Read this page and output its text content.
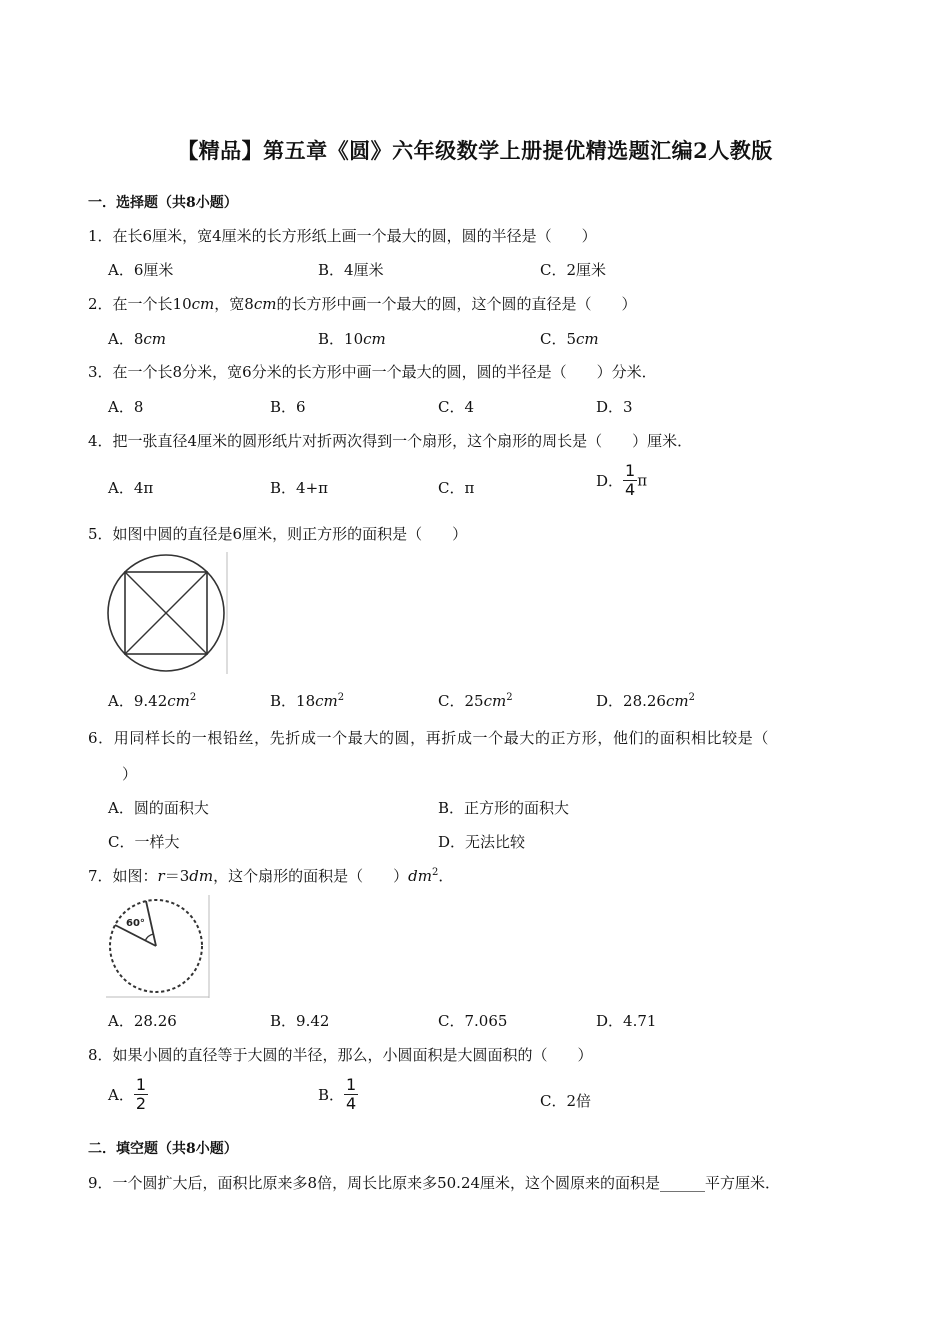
【精品】第五章《圆》六年级数学上册提优精选题汇编2人教版
一．选择题（共8小题）
1．在长6厘米，宽4厘米的长方形纸上画一个最大的圆，圆的半径是（　　）
A．6厘米	B．4厘米	C．2厘米
2．在一个长10cm，宽8cm的长方形中画一个最大的圆，这个圆的直径是（　　）
A．8cm	B．10cm	C．5cm
3．在一个长8分米，宽6分米的长方形中画一个最大的圆，圆的半径是（　　）分米．
A．8	B．6	C．4	D．3
4．把一张直径4厘米的圆形纸片对折两次得到一个扇形，这个扇形的周长是（　　）厘米．
A．4π	B．4+π	C．π	D． $\frac{1}{4}$ π
5．如图中圆的直径是6厘米，则正方形的面积是（　　）
A．$9.42cm^2$	B．$18cm^2$	C．$25cm^2$	D．$28.26cm^2$
6．用同样长的一根铅丝，先折成一个最大的圆，再折成一个最大的正方形，他们的面积相比较是（
）
A．圆的面积大	B．正方形的面积大
C．一样大	D．无法比较
7．如图：r＝3dm，这个扇形的面积是（　　）$dm^2$．
60°
A．28.26	B．9.42	C．7.065	D．4.71
8．如果小圆的直径等于大圆的半径，那么，小圆面积是大圆面积的（　　）
A． $\frac{1}{2}$	B． $\frac{1}{4}$	C．2倍
二．填空题（共8小题）
9．一个圆扩大后，面积比原来多8倍，周长比原来多50.24厘米，这个圆原来的面积是______平方厘米．
